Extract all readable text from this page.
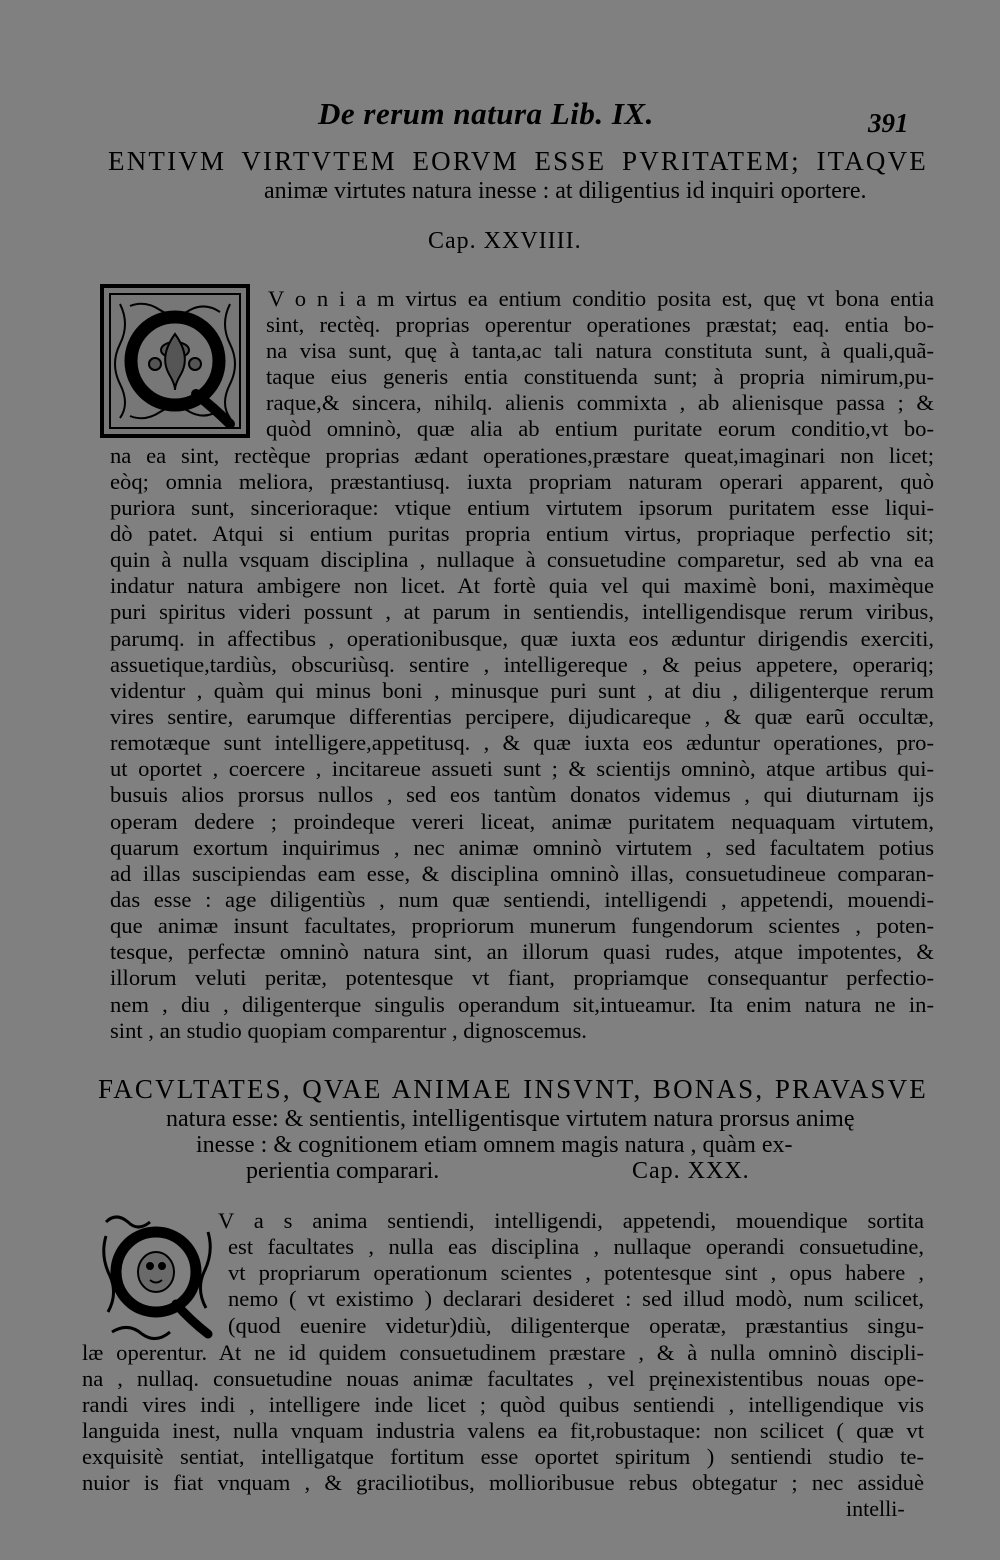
De rerum natura Lib. IX.	391
ENTIVM VIRTVTEM EORVM ESSE PVRITATEM; ITAQVE
animæ virtutes natura inesse : at diligentius id inquiri oportere.
Cap. XXVIIII.
V o n i a m virtus ea entium conditio posita est, quę vt bona entia
sint, rectèq. proprias operentur operationes præstat; eaq. entia bo-
na visa sunt, quę à tanta,ac tali natura constituta sunt, à quali,quã-
taque eius generis entia constituenda sunt; à propria nimirum,pu-
raque,& sincera, nihilq. alienis commixta , ab alienisque passa ; &
quòd omninò, quæ alia ab entium puritate eorum conditio,vt bo-
na ea sint, rectèque proprias ædant operationes,præstare queat,imaginari non licet;
eòq; omnia meliora, præstantiusq. iuxta propriam naturam operari apparent, quò
puriora sunt, sincerioraque: vtique entium virtutem ipsorum puritatem esse liqui-
dò patet. Atqui si entium puritas propria entium virtus, propriaque perfectio sit;
quin à nulla vsquam disciplina , nullaque à consuetudine comparetur, sed ab vna ea
indatur natura ambigere non licet. At fortè quia vel qui maximè boni, maximèque
puri spiritus videri possunt , at parum in sentiendis, intelligendisque rerum viribus,
parumq. in affectibus , operationibusque, quæ iuxta eos æduntur dirigendis exerciti,
assuetique,tardiùs, obscuriùsq. sentire , intelligereque , & peius appetere, operariq;
videntur , quàm qui minus boni , minusque puri sunt , at diu , diligenterque rerum
vires sentire, earumque differentias percipere, dijudicareque , & quæ earũ occultæ,
remotæque sunt intelligere,appetitusq. , & quæ iuxta eos æduntur operationes, pro-
ut oportet , coercere , incitareue assueti sunt ; & scientijs omninò, atque artibus qui-
busuis alios prorsus nullos , sed eos tantùm donatos videmus , qui diuturnam ijs
operam dedere ; proindeque vereri liceat, animæ puritatem nequaquam virtutem,
quarum exortum inquirimus , nec animæ omninò virtutem , sed facultatem potius
ad illas suscipiendas eam esse, & disciplina omninò illas, consuetudineue comparan-
das esse : age diligentiùs , num quæ sentiendi, intelligendi , appetendi, mouendi-
que animæ insunt facultates, propriorum munerum fungendorum scientes , poten-
tesque, perfectæ omninò natura sint, an illorum quasi rudes, atque impotentes, &
illorum veluti peritæ, potentesque vt fiant, propriamque consequantur perfectio-
nem , diu , diligenterque singulis operandum sit,intueamur. Ita enim natura ne in-
sint , an studio quopiam comparentur , dignoscemus.
FACVLTATES, QVAE ANIMAE INSVNT, BONAS, PRAVASVE
natura esse: & sentientis, intelligentisque virtutem natura prorsus animę
inesse : & cognitionem etiam omnem magis natura , quàm ex-
perientia comparari.	Cap. XXX.
V a s anima sentiendi, intelligendi, appetendi, mouendique sortita
est facultates , nulla eas disciplina , nullaque operandi consuetudine,
vt propriarum operationum scientes , potentesque sint , opus habere ,
nemo ( vt existimo ) declarari desideret : sed illud modò, num scilicet,
(quod euenire videtur)diù, diligenterque operatæ, præstantius singu-
læ operentur. At ne id quidem consuetudinem præstare , & à nulla omninò discipli-
na , nullaq. consuetudine nouas animæ facultates , vel pręinexistentibus nouas ope-
randi vires indi , intelligere inde licet ; quòd quibus sentiendi , intelligendique vis
languida inest, nulla vnquam industria valens ea fit,robustaque: non scilicet ( quæ vt
exquisitè sentiat, intelligatque fortitum esse oportet spiritum ) sentiendi studio te-
nuior is fiat vnquam , & graciliotibus, mollioribusue rebus obtegatur ; nec assiduè
intelli-
